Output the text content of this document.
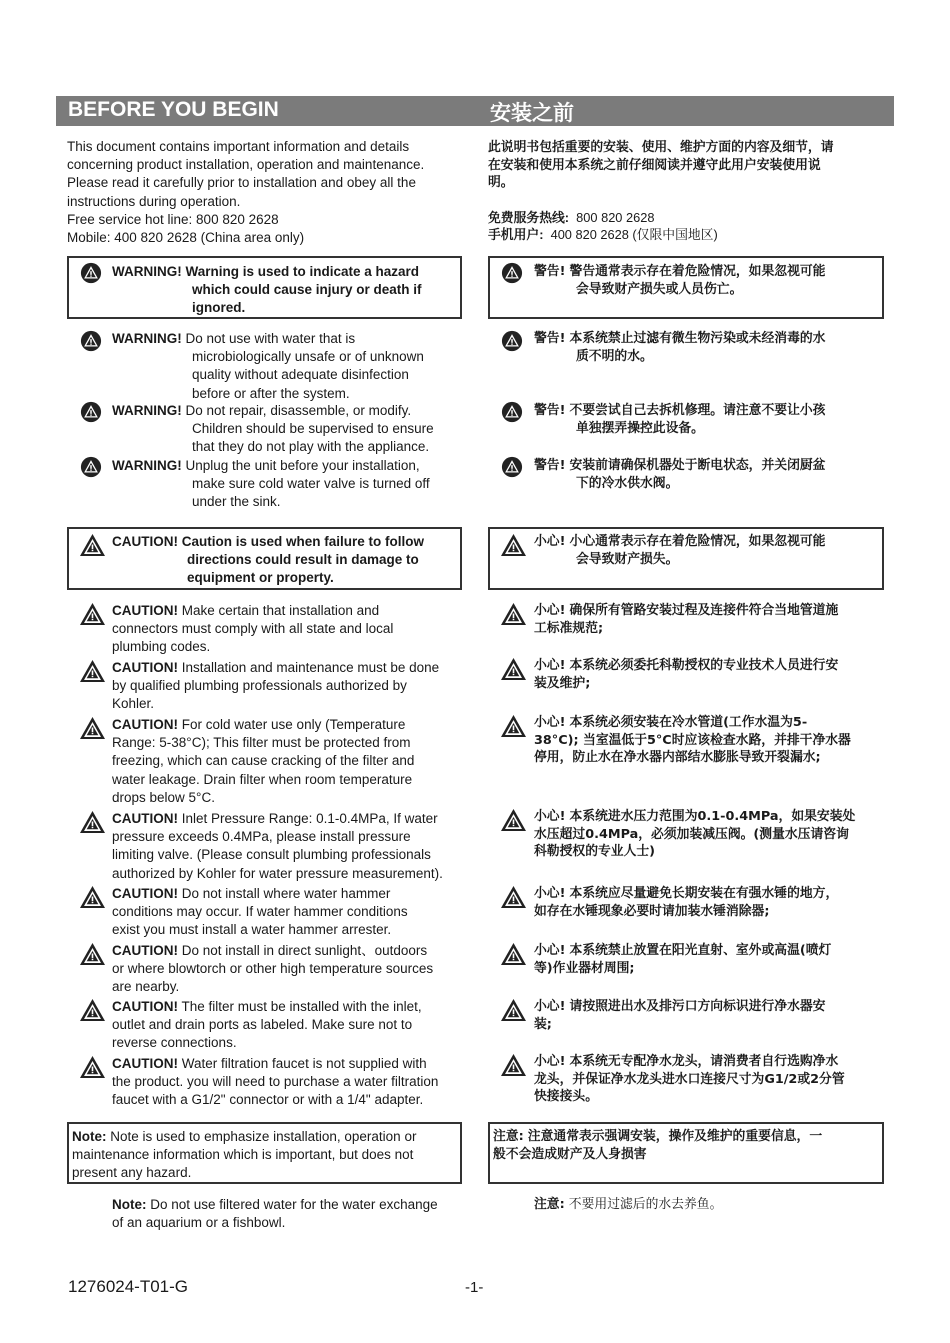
BEFORE YOU BEGIN	安装之前
This document contains important information and details
concerning product installation, operation and maintenance.
Please read it carefully prior to installation and obey all the
instructions during operation.
Free service hot line: 800 820 2628
Mobile: 400 820 2628 (China area only)
此说明书包括重要的安装、使用、维护方面的内容及细节，请
在安装和使用本系统之前仔细阅读并遵守此用户安装使用说
明。
免费服务热线: 800 820 2628
手机用户: 400 820 2628 (仅限中国地区)
WARNING! Warning is used to indicate a hazard
which could cause injury or death if
ignored.
警告! 警告通常表示存在着危险情况，如果忽视可能
会导致财产损失或人员伤亡。
WARNING! Do not use with water that is
microbiologically unsafe or of unknown
quality without adequate disinfection
before or after the system.
警告! 本系统禁止过滤有微生物污染或未经消毒的水
质不明的水。
WARNING! Do not repair, disassemble, or modify.
Children should be supervised to ensure
that they do not play with the appliance.
警告! 不要尝试自己去拆机修理。请注意不要让小孩
单独摆弄操控此设备。
WARNING! Unplug the unit before your installation,
make sure cold water valve is turned off
under the sink.
警告! 安装前请确保机器处于断电状态，并关闭厨盆
下的冷水供水阀。
CAUTION! Caution is used when failure to follow
directions could result in damage to
equipment or property.
小心! 小心通常表示存在着危险情况，如果忽视可能
会导致财产损失。
CAUTION! Make certain that installation and
connectors must comply with all state and local
plumbing codes.
小心! 确保所有管路安装过程及连接件符合当地管道施
工标准规范;
CAUTION! Installation and maintenance must be done
by qualified plumbing professionals authorized by
Kohler.
小心! 本系统必须委托科勒授权的专业技术人员进行安
装及维护;
CAUTION! For cold water use only (Temperature
Range: 5-38°C); This filter must be protected from
freezing, which can cause cracking of the filter and
water leakage. Drain filter when room temperature
drops below 5°C.
小心! 本系统必须安装在冷水管道(工作水温为5-
38°C); 当室温低于5°C时应该检查水路，并排干净水器
停用，防止水在净水器内部结水膨胀导致开裂漏水;
CAUTION! Inlet Pressure Range: 0.1-0.4MPa, If water
pressure exceeds 0.4MPa, please install pressure
limiting valve. (Please consult plumbing professionals
authorized by Kohler for water pressure measurement).
小心! 本系统进水压力范围为0.1-0.4MPa，如果安装处
水压超过0.4MPa，必须加装减压阀。(测量水压请咨询
科勒授权的专业人士)
CAUTION! Do not install where water hammer
conditions may occur. If water hammer conditions
exist you must install a water hammer arrester.
小心! 本系统应尽量避免长期安装在有强水锤的地方，
如存在水锤现象必要时请加装水锤消除器;
CAUTION! Do not install in direct sunlight、outdoors
or where blowtorch or other high temperature sources
are nearby.
小心! 本系统禁止放置在阳光直射、室外或高温(喷灯
等)作业器材周围;
CAUTION! The filter must be installed with the inlet,
outlet and drain ports as labeled. Make sure not to
reverse connections.
小心! 请按照进出水及排污口方向标识进行净水器安
装;
CAUTION! Water filtration faucet is not supplied with
the product. you will need to purchase a water filtration
faucet with a G1/2" connector or with a 1/4" adapter.
小心! 本系统无专配净水龙头，请消费者自行选购净水
龙头，并保证净水龙头进水口连接尺寸为G1/2或2分管
快接接头。
Note: Note is used to emphasize installation, operation or
maintenance information which is important, but does not
present any hazard.
注意: 注意通常表示强调安装，操作及维护的重要信息，一
般不会造成财产及人身损害
Note: Do not use filtered water for the water exchange
of an aquarium or a fishbowl.
注意: 不要用过滤后的水去养鱼。
1276024-T01-G	-1-
